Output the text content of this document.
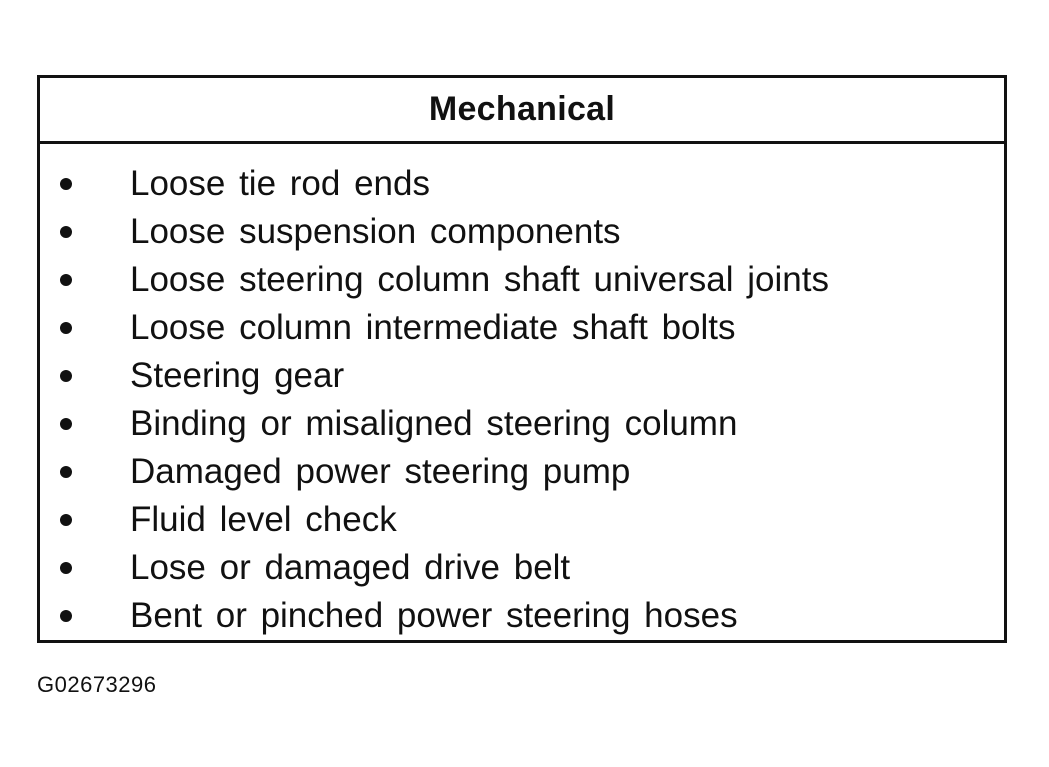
Mechanical
Loose tie rod ends
Loose suspension components
Loose steering column shaft universal joints
Loose column intermediate shaft bolts
Steering gear
Binding or misaligned steering column
Damaged power steering pump
Fluid level check
Lose or damaged drive belt
Bent or pinched power steering hoses
G02673296
